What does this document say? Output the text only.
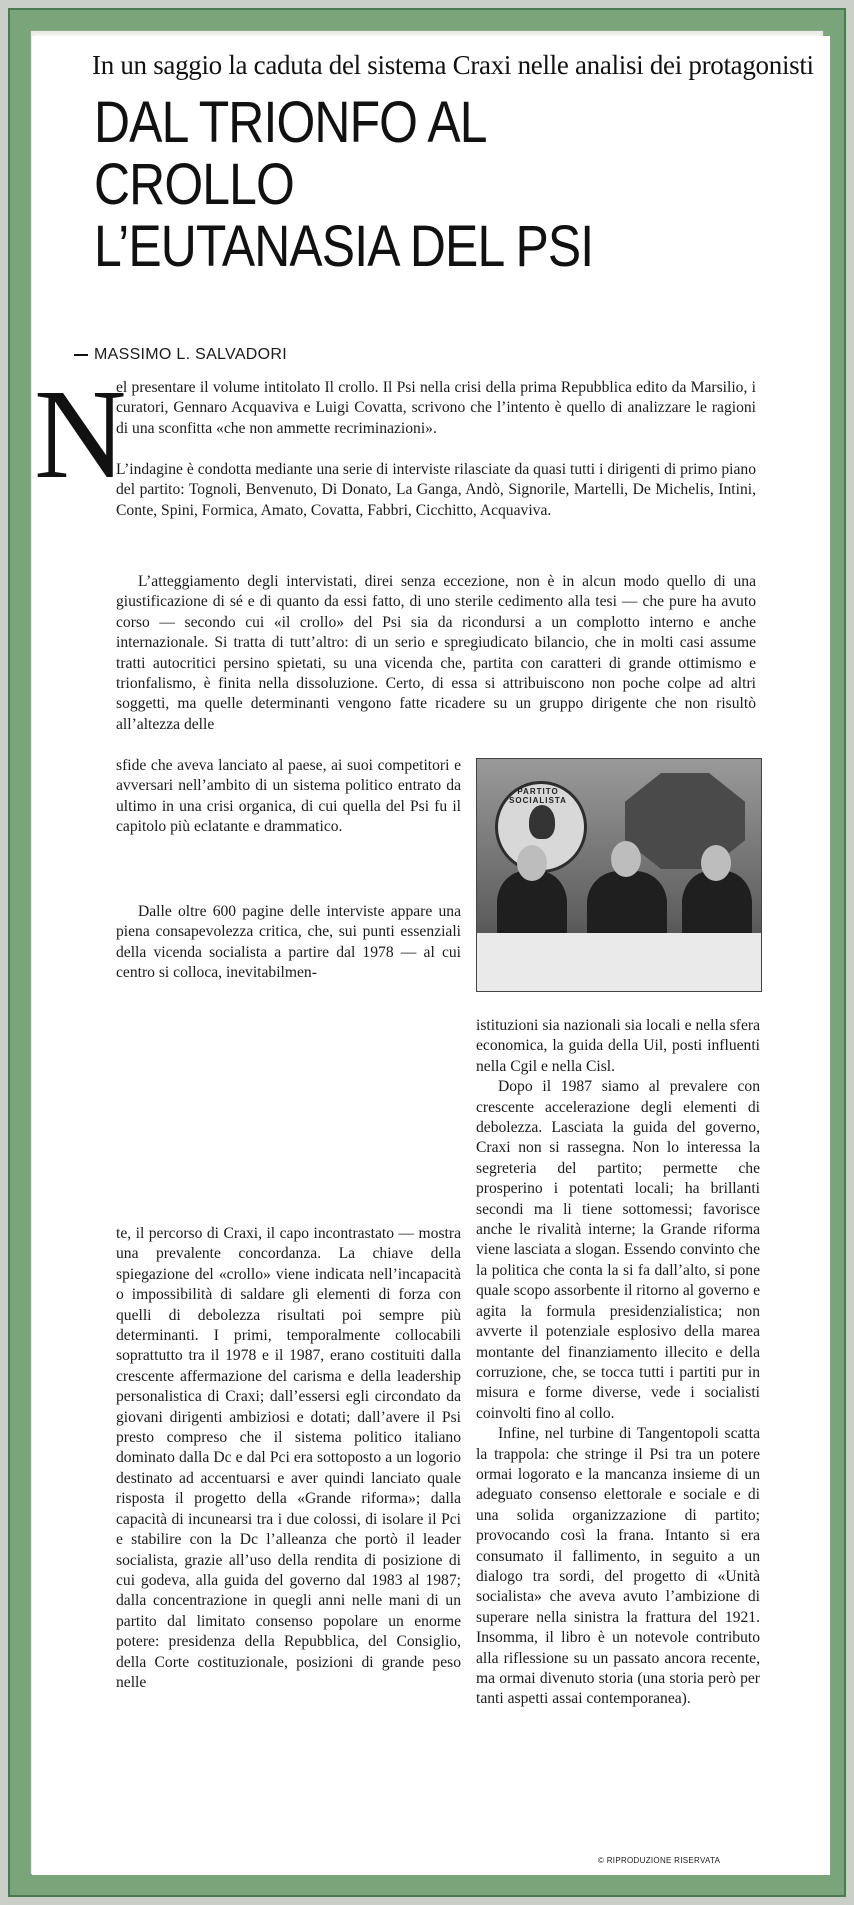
In un saggio la caduta del sistema Craxi nelle analisi dei protagonisti
DAL TRIONFO AL CROLLO
L’EUTANASIA DEL PSI
MASSIMO L. SALVADORI
N

el presentare il volume intitolato Il crollo. Il Psi nella crisi della prima Repubblica edito da Marsilio, i curatori, Gennaro Acquaviva e Luigi Covatta, scrivono che l’intento è quello di analizzare le ragioni di una sconfitta «che non ammette recriminazioni».

L’indagine è condotta mediante una serie di interviste rilasciate da quasi tutti i dirigenti di primo piano del partito: Tognoli, Benvenuto, Di Donato, La Ganga, Andò, Signorile, Martelli, De Michelis, Intini, Conte, Spini, Formica, Amato, Covatta, Fabbri, Cicchitto, Acquaviva.

L’atteggiamento degli intervistati, direi senza eccezione, non è in alcun modo quello di una giustificazione di sé e di quanto da essi fatto, di uno sterile cedimento alla tesi — che pure ha avuto corso — secondo cui «il crollo» del Psi sia da ricondursi a un complotto interno e anche internazionale. Si tratta di tutt’altro: di un serio e spregiudicato bilancio, che in molti casi assume tratti autocritici persino spietati, su una vicenda che, partita con caratteri di grande ottimismo e trionfalismo, è finita nella dissoluzione. Certo, di essa si attribuiscono non poche colpe ad altri soggetti, ma quelle determinanti vengono fatte ricadere su un gruppo dirigente che non risultò all’altezza delle

sfide che aveva lanciato al paese, ai suoi competitori e avversari nell’ambito di un sistema politico entrato da ultimo in una crisi organica, di cui quella del Psi fu il capitolo più eclatante e drammatico.

Dalle oltre 600 pagine delle interviste appare una piena consapevolezza critica, che, sui punti essenziali della vicenda socialista a partire dal 1978 — al cui centro si colloca, inevitabilmen-

PARTITO SOCIALISTA

te, il percorso di Craxi, il capo incontrastato — mostra una prevalente concordanza. La chiave della spiegazione del «crollo» viene indicata nell’incapacità o impossibilità di saldare gli elementi di forza con quelli di debolezza risultati poi sempre più determinanti. I primi, temporalmente collocabili soprattutto tra il 1978 e il 1987, erano costituiti dalla crescente affermazione del carisma e della leadership personalistica di Craxi; dall’essersi egli circondato da giovani dirigenti ambiziosi e dotati; dall’avere il Psi presto compreso che il sistema politico italiano dominato dalla Dc e dal Pci era sottoposto a un logorio destinato ad accentuarsi e aver quindi lanciato quale risposta il progetto della «Grande riforma»; dalla capacità di incunearsi tra i due colossi, di isolare il Pci e stabilire con la Dc l’alleanza che portò il leader socialista, grazie all’uso della rendita di posizione di cui godeva, alla guida del governo dal 1983 al 1987; dalla concentrazione in quegli anni nelle mani di un partito dal limitato consenso popolare un enorme potere: presidenza della Repubblica, del Consiglio, della Corte costituzionale, posizioni di grande peso nelle

istituzioni sia nazionali sia locali e nella sfera economica, la guida della Uil, posti influenti nella Cgil e nella Cisl.

Dopo il 1987 siamo al prevalere con crescente accelerazione degli elementi di debolezza. Lasciata la guida del governo, Craxi non si rassegna. Non lo interessa la segreteria del partito; permette che prosperino i potentati locali; ha brillanti secondi ma li tiene sottomessi; favorisce anche le rivalità interne; la Grande riforma viene lasciata a slogan. Essendo convinto che la politica che conta la si fa dall’alto, si pone quale scopo assorbente il ritorno al governo e agita la formula presidenzialistica; non avverte il potenziale esplosivo della marea montante del finanziamento illecito e della corruzione, che, se tocca tutti i partiti pur in misura e forme diverse, vede i socialisti coinvolti fino al collo.

Infine, nel turbine di Tangentopoli scatta la trappola: che stringe il Psi tra un potere ormai logorato e la mancanza insieme di un adeguato consenso elettorale e sociale e di una solida organizzazione di partito; provocando così la frana. Intanto si era consumato il fallimento, in seguito a un dialogo tra sordi, del progetto di «Unità socialista» che aveva avuto l’ambizione di superare nella sinistra la frattura del 1921. Insomma, il libro è un notevole contributo alla riflessione su un passato ancora recente, ma ormai divenuto storia (una storia però per tanti aspetti assai contemporanea).

© RIPRODUZIONE RISERVATA
